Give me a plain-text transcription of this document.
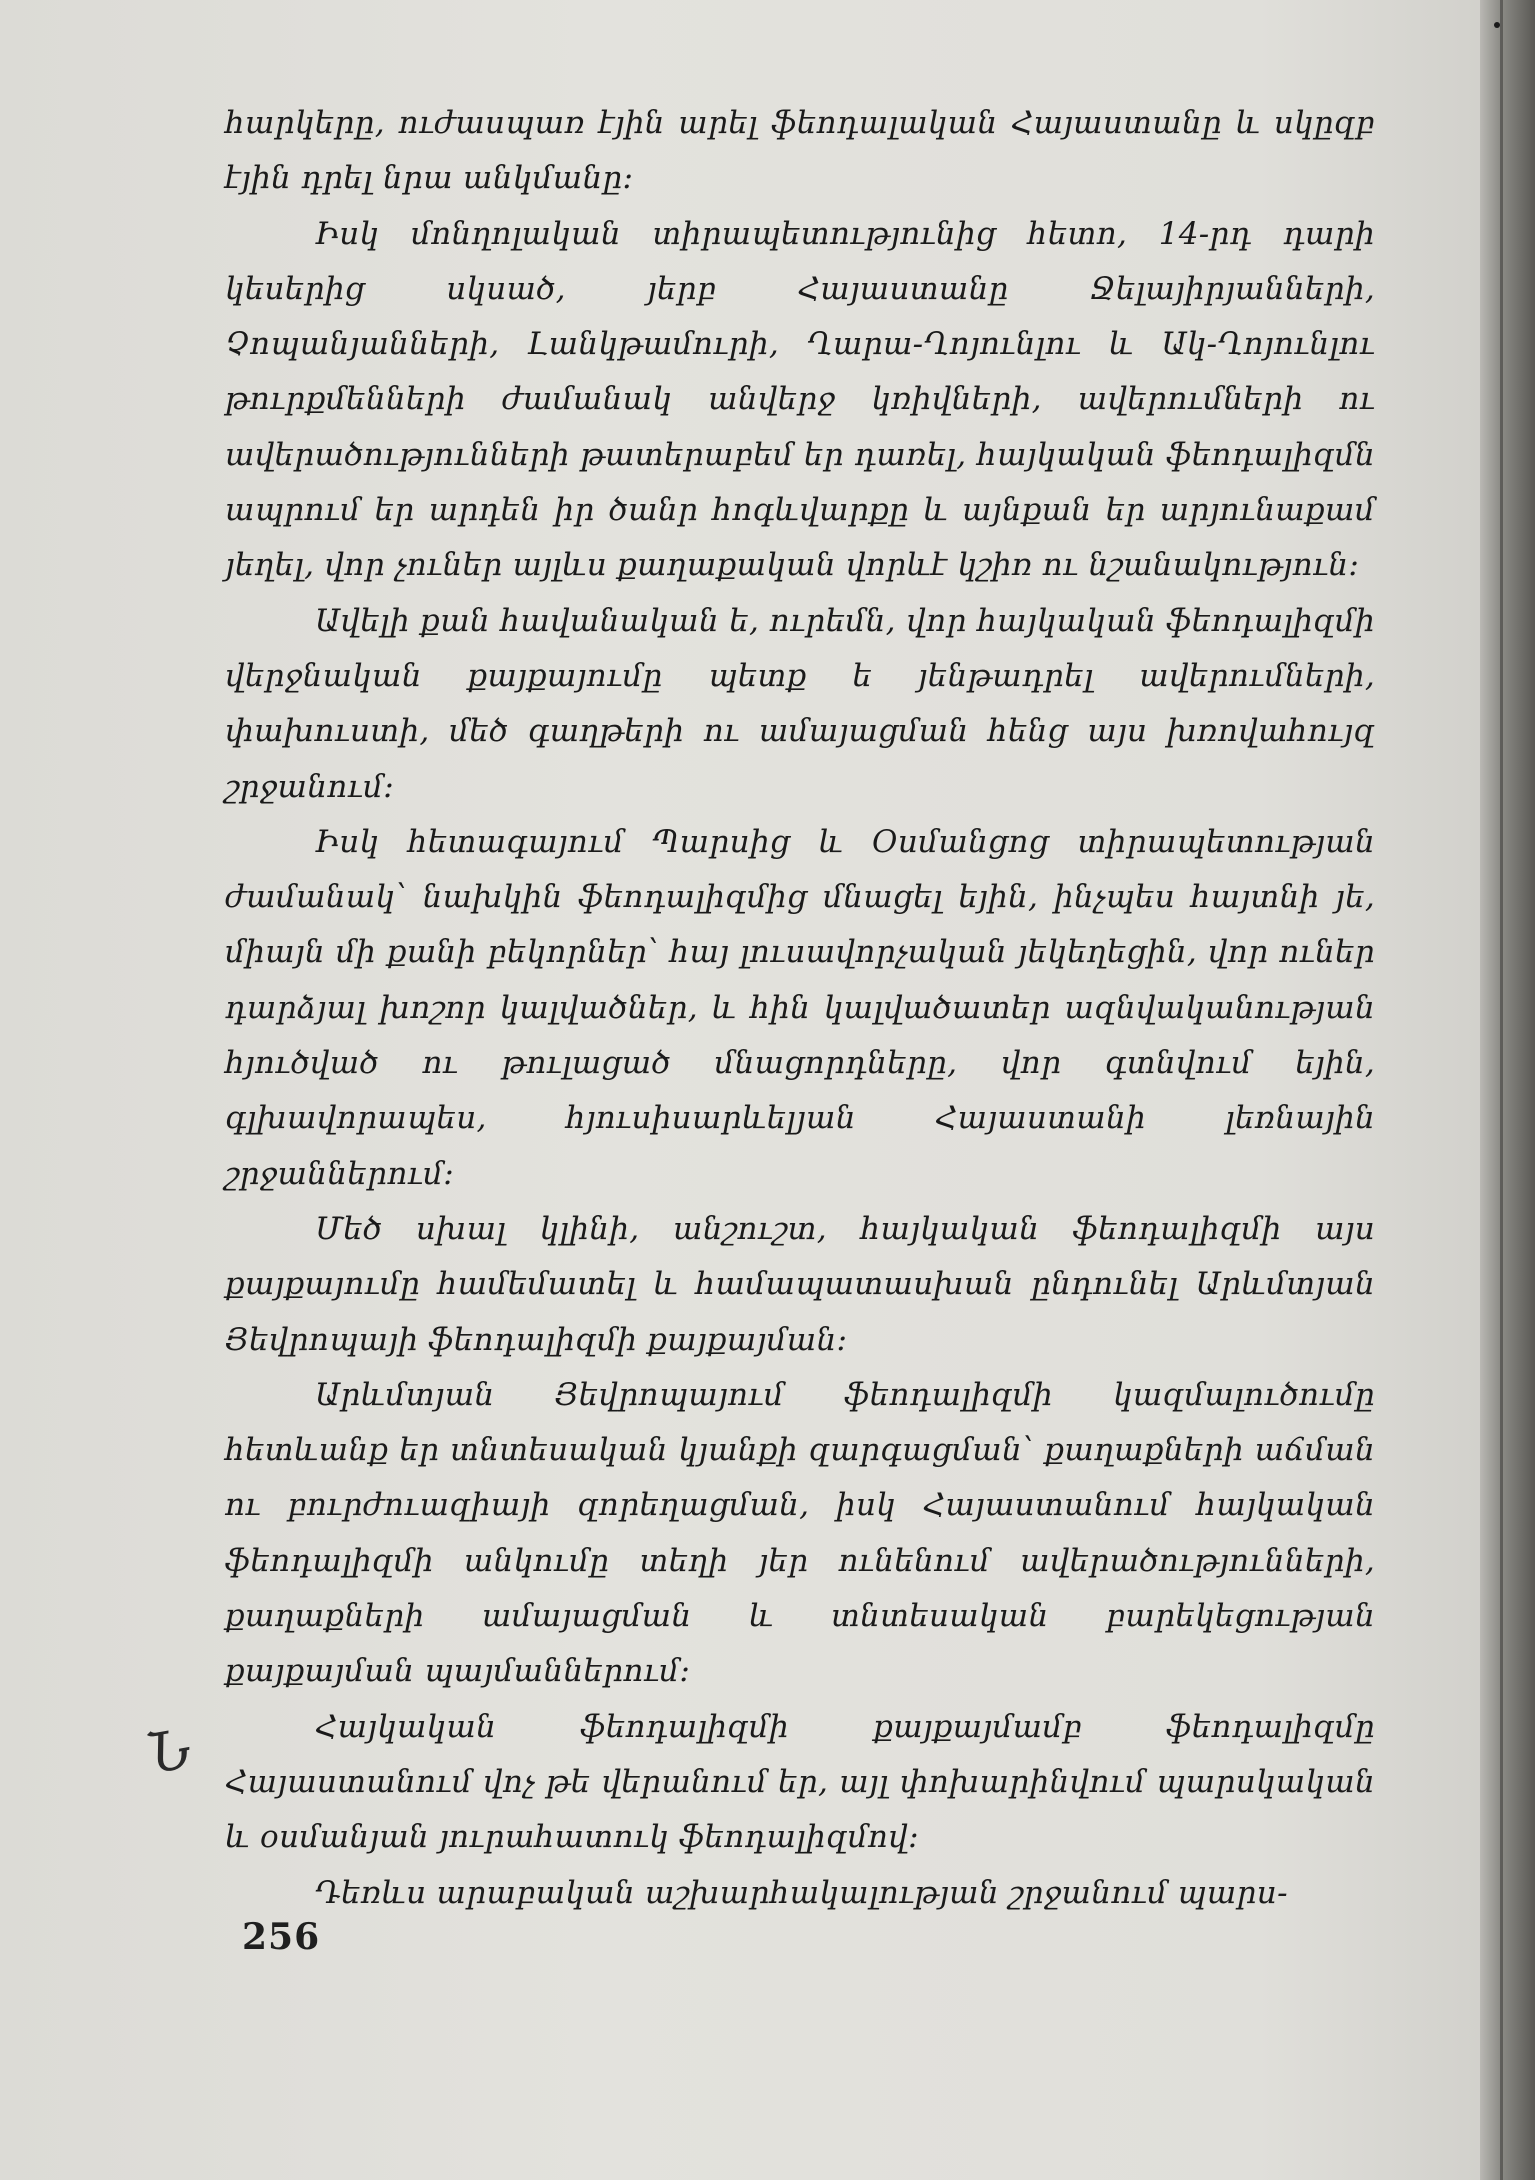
հարկերը, ուժասպառ էյին արել ֆեոդալական Հայաստանը և սկըզբ էյին դրել նրա անկմանը։

Իսկ մոնղոլական տիրապետությունից հետո, 14-րդ դարի կեսերից սկսած, յերբ Հայաստանը Ջելայիրյանների, Չոպանյանների, Լանկթամուրի, Ղարա-Ղոյունլու և Ակ-Ղոյունլու թուրքմենների ժամանակ անվերջ կռիվների, ավերումների ու ավերածությունների թատերաբեմ եր դառել, հայկական ֆեոդալիզմն ապրում եր արդեն իր ծանր հոգևվարքը և այնքան եր արյունաքամ յեղել, վոր չուներ այլևս քաղաքական վորևէ կշիռ ու նշանակություն։

Ավելի քան հավանական ե, ուրեմն, վոր հայկական ֆեոդալիզմի վերջնական քայքայումը պետք ե յենթադրել ավերումների, փախուստի, մեծ գաղթերի ու ամայացման հենց այս խռովահույզ շրջանում։

Իսկ հետագայում Պարսից և Օսմանցոց տիրապետության ժամանակ՝ նախկին ֆեոդալիզմից մնացել եյին, ինչպես հայտնի յե, միայն մի քանի բեկորներ՝ հայ լուսավորչական յեկեղեցին, վոր ուներ դարձյալ խոշոր կալվածներ, և հին կալվածատեր ազնվականության հյուծված ու թուլացած մնացորդները, վոր գտնվում եյին, գլխավորապես, հյուսիսարևելյան Հայաստանի լեռնային շրջաններում։

Մեծ սխալ կլինի, անշուշտ, հայկական ֆեոդալիզմի այս քայքայումը համեմատել և համապատասխան ընդունել Արևմտյան Յեվրոպայի ֆեոդալիզմի քայքայման։

Արևմտյան Յեվրոպայում ֆեոդալիզմի կազմալուծումը հետևանք եր տնտեսական կյանքի զարգացման՝ քաղաքների աճման ու բուրժուազիայի զորեղացման, իսկ Հայաստանում հայկական ֆեոդալիզմի անկումը տեղի յեր ունենում ավերածությունների, քաղաքների ամայացման և տնտեսական բարեկեցության քայքայման պայմաններում։

Հայկական ֆեոդալիզմի քայքայմամբ ֆեոդալիզմը Հայաստանում վոչ թե վերանում եր, այլ փոխարինվում պարսկական և օսմանյան յուրահատուկ ֆեոդալիզմով։

Դեռևս արաբական աշխարհակալության շրջանում պարս-

Ն
256
